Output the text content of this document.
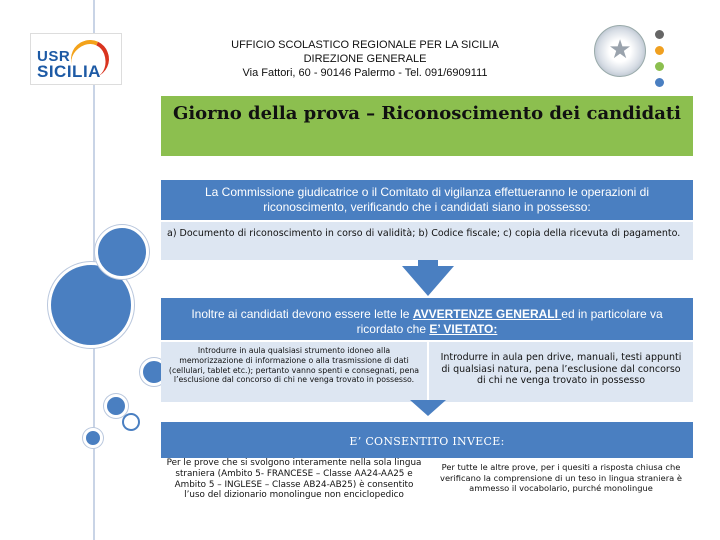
USR
SICILIA
UFFICIO SCOLASTICO REGIONALE PER LA SICILIA
DIREZIONE GENERALE
Via Fattori, 60 - 90146 Palermo - Tel. 091/6909111
★
Giorno della prova – Riconoscimento dei candidati
La Commissione giudicatrice o il Comitato di vigilanza effettueranno le operazioni di riconoscimento, verificando che i candidati siano in possesso:
a) Documento di riconoscimento in corso di validità; b) Codice fiscale; c) copia della ricevuta di pagamento.
Inoltre ai candidati devono essere lette le AVVERTENZE GENERALI ed in particolare va ricordato che E’ VIETATO:
Introdurre in aula qualsiasi strumento idoneo alla memorizzazione di informazione o alla trasmissione di dati (cellulari, tablet etc.); pertanto vanno spenti e consegnati, pena l’esclusione dal concorso di chi ne venga trovato in possesso.
Introdurre in aula pen drive, manuali, testi appunti di qualsiasi natura, pena l’esclusione dal concorso di chi ne venga trovato in possesso
E’ CONSENTITO INVECE:
Per le prove che si svolgono interamente nella sola lingua straniera (Ambito 5- FRANCESE – Classe AA24-AA25 e Ambito 5 – INGLESE – Classe AB24-AB25) è consentito l’uso del dizionario monolingue non enciclopedico
Per tutte le altre prove, per i quesiti a risposta chiusa che verificano la comprensione di un teso in lingua straniera è ammesso il vocabolario, purché monolingue
